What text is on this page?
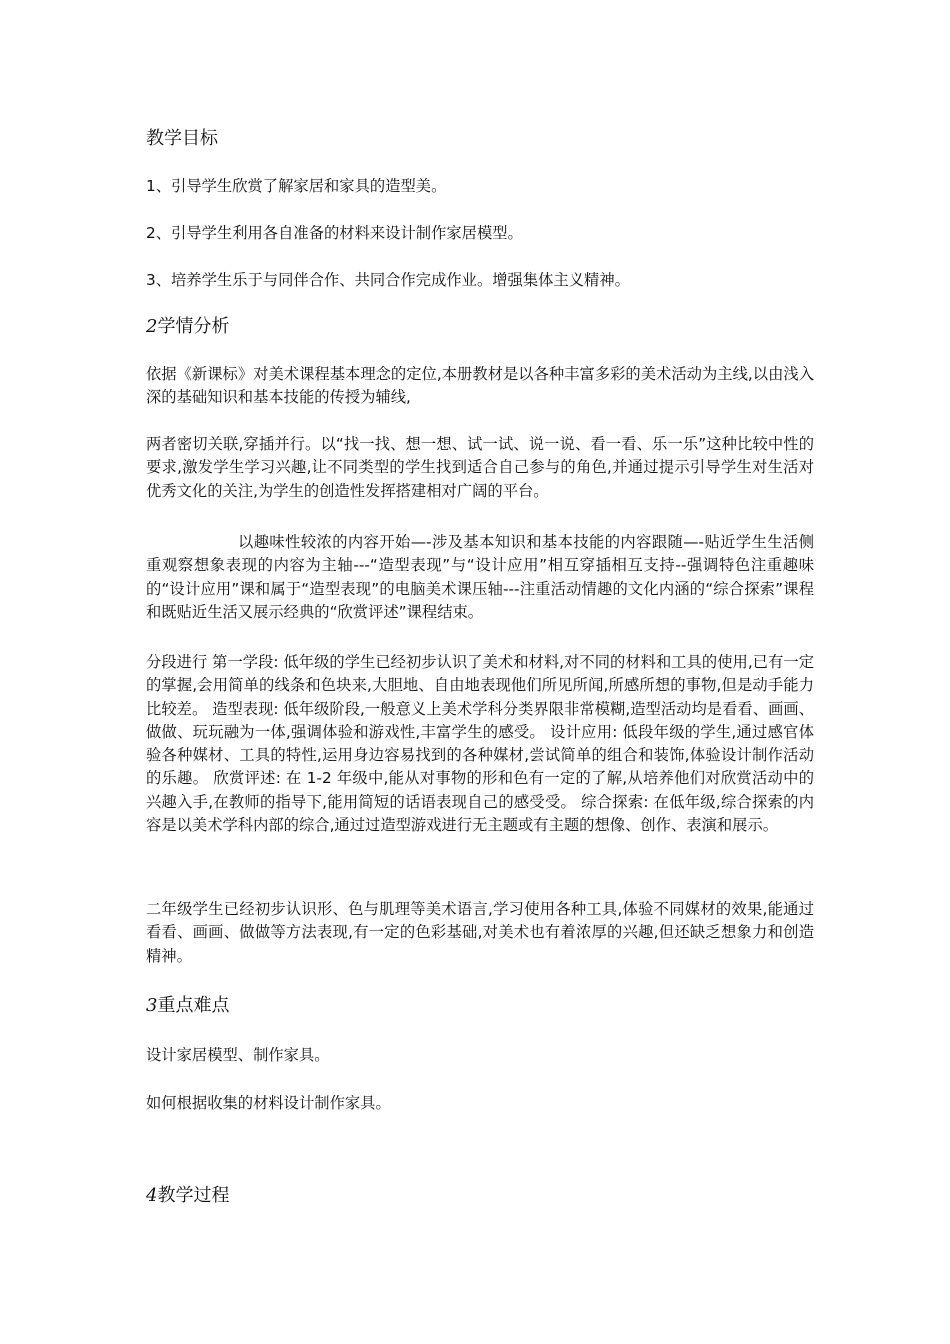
教学目标

1、引导学生欣赏了解家居和家具的造型美。

2、引导学生利用各自准备的材料来设计制作家居模型。

3、培养学生乐于与同伴合作、共同合作完成作业。增强集体主义精神。

2学情分析

依据《新课标》对美术课程基本理念的定位,本册教材是以各种丰富多彩的美术活动为主线,以由浅入深的基础知识和基本技能的传授为辅线,

两者密切关联,穿插并行。以“找一找、想一想、试一试、说一说、看一看、乐一乐”这种比较中性的要求,激发学生学习兴趣,让不同类型的学生找到适合自己参与的角色,并通过提示引导学生对生活对优秀文化的关注,为学生的创造性发挥搭建相对广阔的平台。

以趣味性较浓的内容开始—-涉及基本知识和基本技能的内容跟随—-贴近学生生活侧重观察想象表现的内容为主轴---“造型表现”与“设计应用”相互穿插相互支持--强调特色注重趣味的“设计应用”课和属于“造型表现”的电脑美术课压轴---注重活动情趣的文化内涵的“综合探索”课程和既贴近生活又展示经典的“欣赏评述”课程结束。

分段进行 第一学段: 低年级的学生已经初步认识了美术和材料,对不同的材料和工具的使用,已有一定的掌握,会用简单的线条和色块来,大胆地、自由地表现他们所见所闻,所感所想的事物,但是动手能力比较差。 造型表现: 低年级阶段,一般意义上美术学科分类界限非常模糊,造型活动均是看看、画画、做做、玩玩融为一体,强调体验和游戏性,丰富学生的感受。 设计应用: 低段年级的学生,通过感官体验各种媒材、工具的特性,运用身边容易找到的各种媒材,尝试简单的组合和装饰,体验设计制作活动的乐趣。 欣赏评述: 在 1-2 年级中,能从对事物的形和色有一定的了解,从培养他们对欣赏活动中的兴趣入手,在教师的指导下,能用简短的话语表现自己的感受受。 综合探索: 在低年级,综合探索的内容是以美术学科内部的综合,通过过造型游戏进行无主题或有主题的想像、创作、表演和展示。

二年级学生已经初步认识形、色与肌理等美术语言,学习使用各种工具,体验不同媒材的效果,能通过看看、画画、做做等方法表现,有一定的色彩基础,对美术也有着浓厚的兴趣,但还缺乏想象力和创造精神。

3重点难点

设计家居模型、制作家具。

如何根据收集的材料设计制作家具。

4教学过程
